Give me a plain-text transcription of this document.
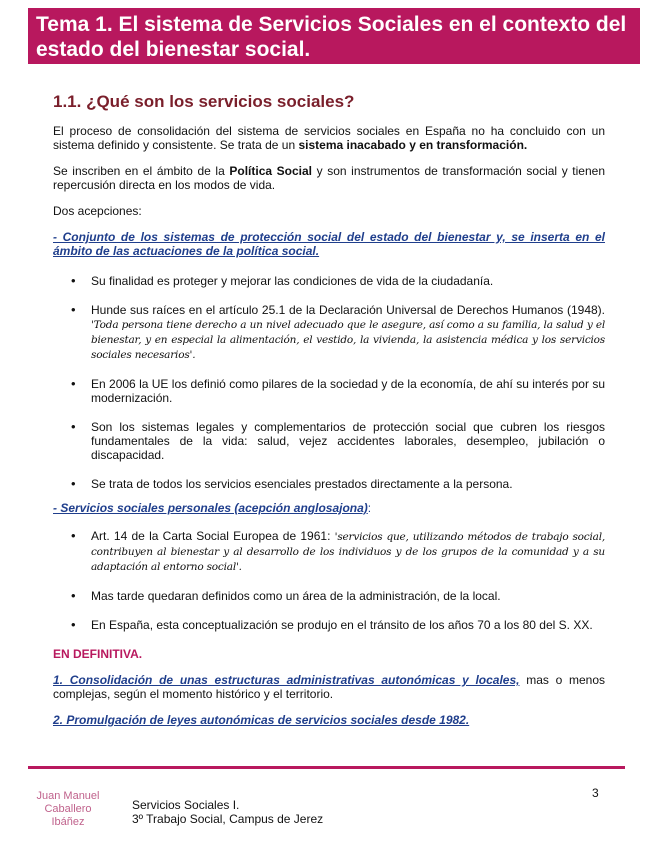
Tema 1. El sistema de Servicios Sociales en el contexto del
estado del bienestar social.
1.1. ¿Qué son los servicios sociales?

El proceso de consolidación del sistema de servicios sociales en España no ha concluido con un sistema definido y consistente. Se trata de un sistema inacabado y en transformación.

Se inscriben en el ámbito de la Política Social y son instrumentos de transformación social y tienen repercusión directa en los modos de vida.

Dos acepciones:

- Conjunto de los sistemas de protección social del estado del bienestar y, se inserta en el ámbito de las actuaciones de la política social.

• Su finalidad es proteger y mejorar las condiciones de vida de la ciudadanía.
• Hunde sus raíces en el artículo 25.1 de la Declaración Universal de Derechos Humanos (1948). 'Toda persona tiene derecho a un nivel adecuado que le asegure, así como a su familia, la salud y el bienestar, y en especial la alimentación, el vestido, la vivienda, la asistencia médica y los servicios sociales necesarios'.
• En 2006 la UE los definió como pilares de la sociedad y de la economía, de ahí su interés por su modernización.
• Son los sistemas legales y complementarios de protección social que cubren los riesgos fundamentales de la vida: salud, vejez accidentes laborales, desempleo, jubilación o discapacidad.
• Se trata de todos los servicios esenciales prestados directamente a la persona.

- Servicios sociales personales (acepción anglosajona):

• Art. 14 de la Carta Social Europea de 1961: 'servicios que, utilizando métodos de trabajo social, contribuyen al bienestar y al desarrollo de los individuos y de los grupos de la comunidad y a su adaptación al entorno social'.
• Mas tarde quedaran definidos como un área de la administración, de la local.
• En España, esta conceptualización se produjo en el tránsito de los años 70 a los 80 del S. XX.

EN DEFINITIVA.

1. Consolidación de unas estructuras administrativas autonómicas y locales, mas o menos complejas, según el momento histórico y el territorio.

2. Promulgación de leyes autonómicas de servicios sociales desde 1982.

Juan Manuel
Caballero
Ibáñez
Servicios Sociales I.
3º Trabajo Social, Campus de Jerez
3
